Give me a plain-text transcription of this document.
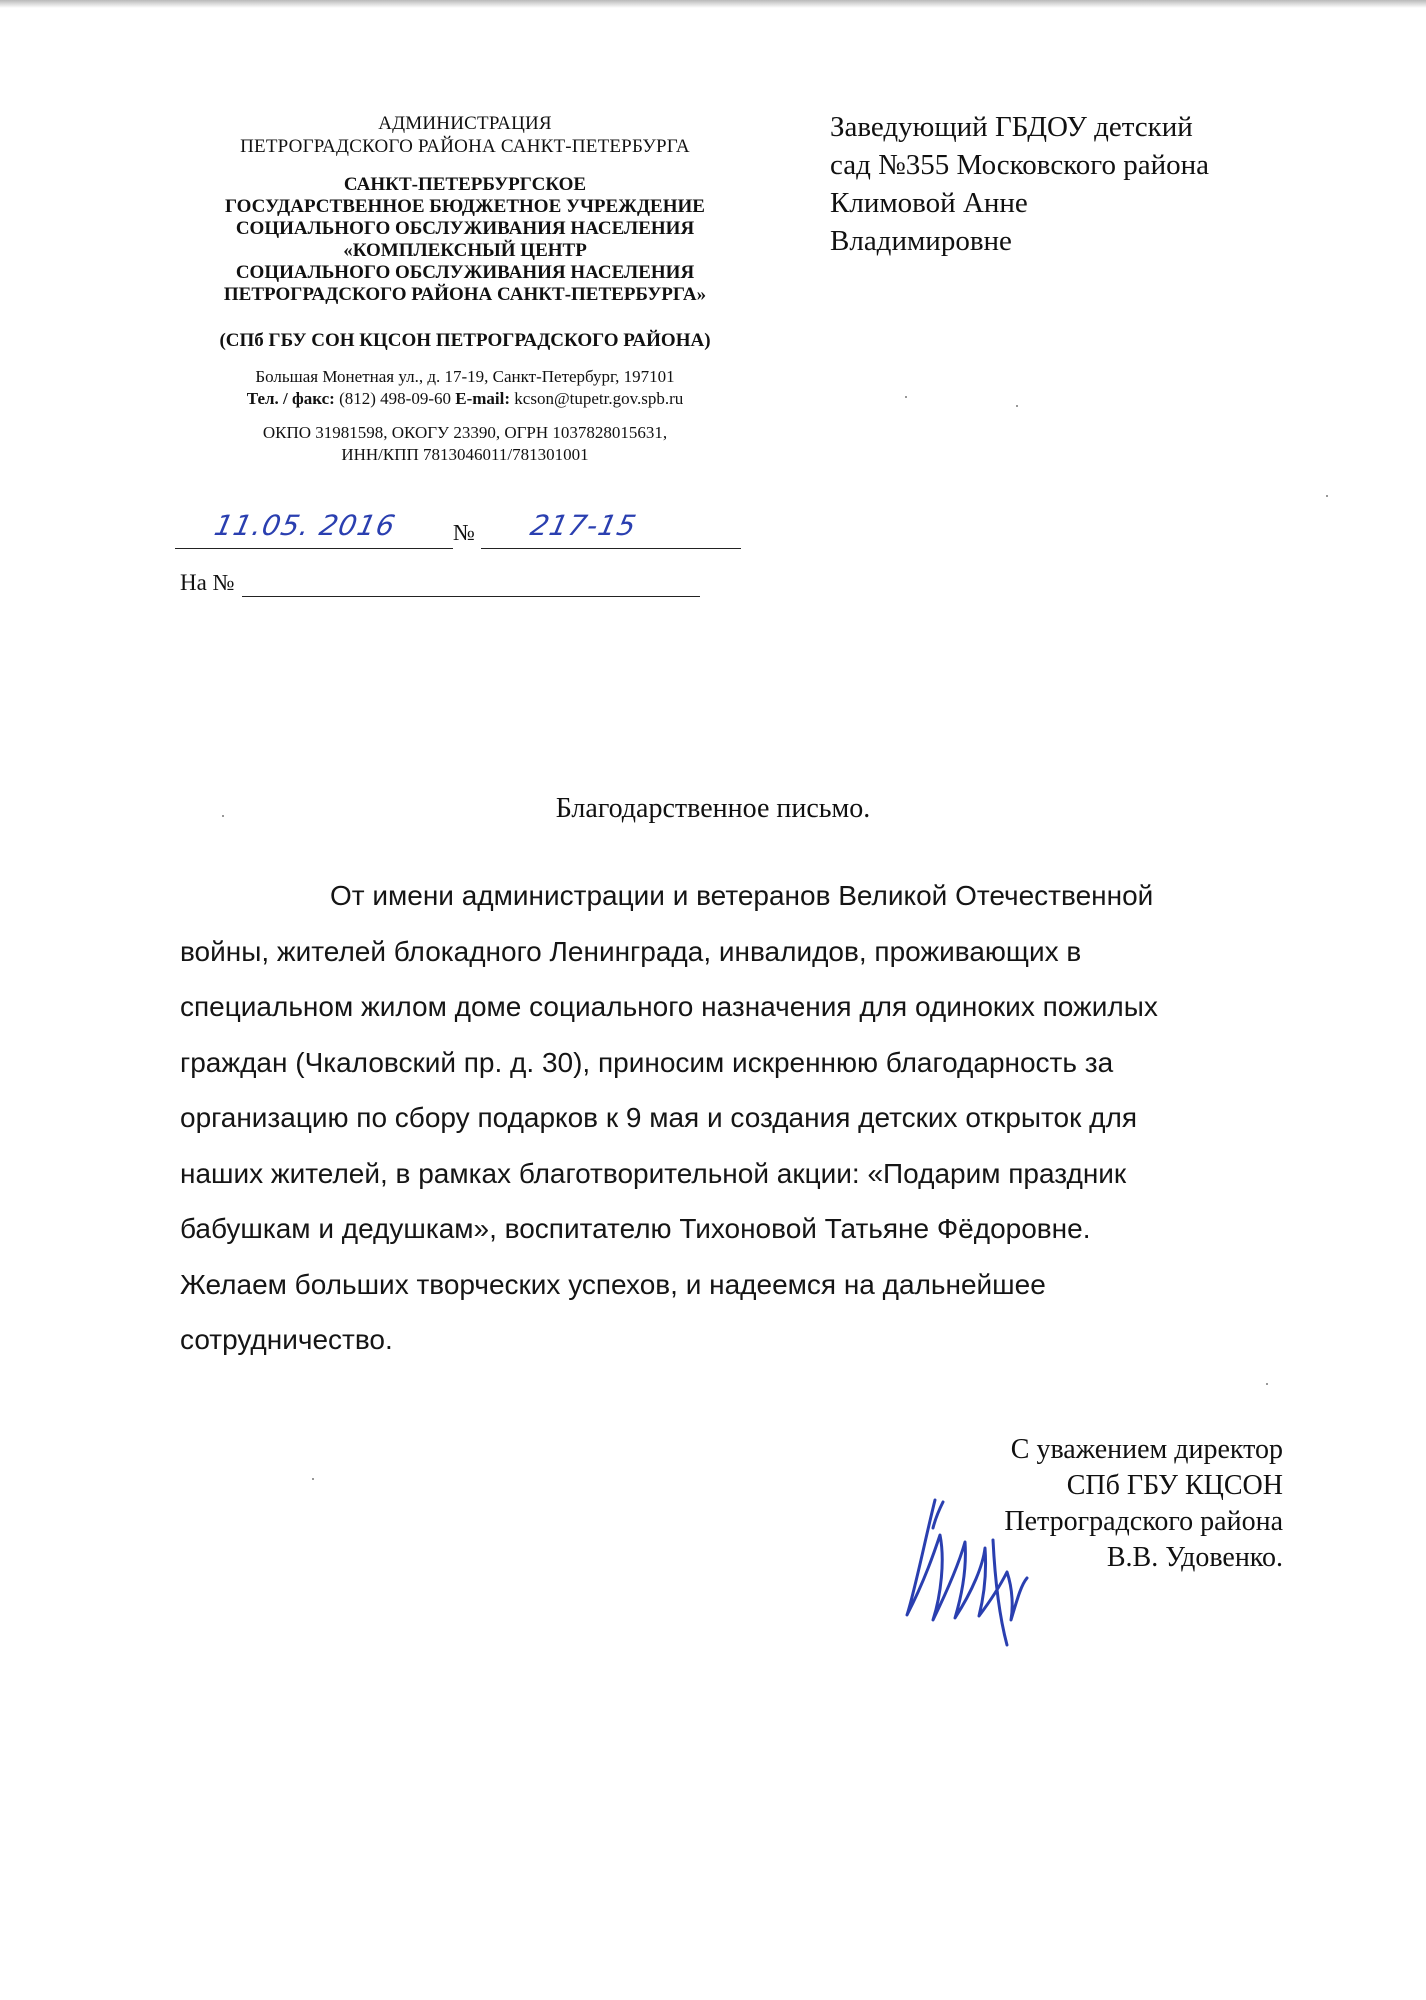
АДМИНИСТРАЦИЯ
ПЕТРОГРАДСКОГО РАЙОНА САНКТ-ПЕТЕРБУРГА
САНКТ-ПЕТЕРБУРГСКОЕ
ГОСУДАРСТВЕННОЕ БЮДЖЕТНОЕ УЧРЕЖДЕНИЕ
СОЦИАЛЬНОГО ОБСЛУЖИВАНИЯ НАСЕЛЕНИЯ
«КОМПЛЕКСНЫЙ ЦЕНТР
СОЦИАЛЬНОГО ОБСЛУЖИВАНИЯ НАСЕЛЕНИЯ
ПЕТРОГРАДСКОГО РАЙОНА САНКТ-ПЕТЕРБУРГА»
(СПб ГБУ СОН КЦСОН ПЕТРОГРАДСКОГО РАЙОНА)
Большая Монетная ул., д. 17-19, Санкт-Петербург, 197101
Тел. / факс: (812) 498-09-60 E-mail: kcson@tupetr.gov.spb.ru
ОКПО 31981598, ОКОГУ 23390, ОГРН 1037828015631,
ИНН/КПП 7813046011/781301001
11.05. 2016 № 217-15
На №
Заведующий ГБДОУ детский
сад №355 Московского района
Климовой Анне
Владимировне
Благодарственное письмо.
От имени администрации и ветеранов Великой Отечественной
войны, жителей блокадного Ленинграда, инвалидов, проживающих в
специальном жилом доме социального назначения для одиноких пожилых
граждан (Чкаловский пр. д. 30), приносим искреннюю благодарность за
организацию по сбору подарков к 9 мая и создания детских открыток для
наших жителей, в рамках благотворительной акции: «Подарим праздник
бабушкам и дедушкам», воспитателю Тихоновой Татьяне Фёдоровне.
Желаем больших творческих успехов, и надеемся на дальнейшее
сотрудничество.
С уважением директор
СПб ГБУ КЦСОН
Петроградского района
В.В. Удовенко.
